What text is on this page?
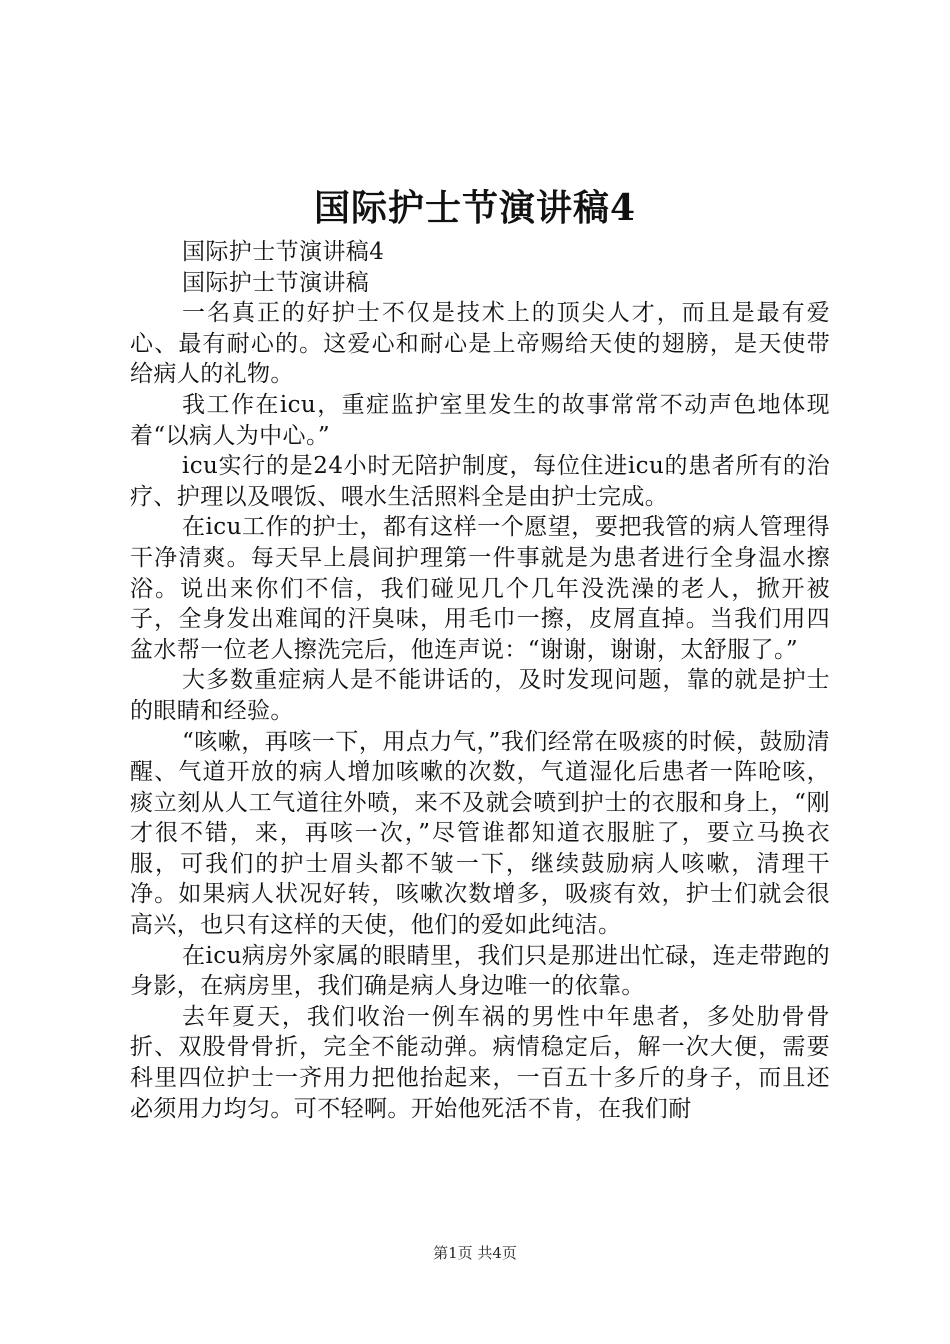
国际护士节演讲稿4

国际护士节演讲稿4

国际护士节演讲稿

一名真正的好护士不仅是技术上的顶尖人才，而且是最有爱心、最有耐心的。这爱心和耐心是上帝赐给天使的翅膀，是天使带给病人的礼物。

我工作在icu，重症监护室里发生的故事常常不动声色地体现着“以病人为中心。”

icu实行的是24小时无陪护制度，每位住进icu的患者所有的治疗、护理以及喂饭、喂水生活照料全是由护士完成。

在icu工作的护士，都有这样一个愿望，要把我管的病人管理得干净清爽。每天早上晨间护理第一件事就是为患者进行全身温水擦浴。说出来你们不信，我们碰见几个几年没洗澡的老人，掀开被子，全身发出难闻的汗臭味，用毛巾一擦，皮屑直掉。当我们用四盆水帮一位老人擦洗完后，他连声说：“谢谢，谢谢，太舒服了。”

大多数重症病人是不能讲话的，及时发现问题，靠的就是护士的眼睛和经验。

“咳嗽，再咳一下，用点力气，”我们经常在吸痰的时候，鼓励清醒、气道开放的病人增加咳嗽的次数，气道湿化后患者一阵呛咳，痰立刻从人工气道往外喷，来不及就会喷到护士的衣服和身上，“刚才很不错，来，再咳一次，”尽管谁都知道衣服脏了，要立马换衣服，可我们的护士眉头都不皱一下，继续鼓励病人咳嗽，清理干净。如果病人状况好转，咳嗽次数增多，吸痰有效，护士们就会很高兴，也只有这样的天使，他们的爱如此纯洁。

在icu病房外家属的眼睛里，我们只是那进出忙碌，连走带跑的身影，在病房里，我们确是病人身边唯一的依靠。

去年夏天，我们收治一例车祸的男性中年患者，多处肋骨骨折、双股骨骨折，完全不能动弹。病情稳定后，解一次大便，需要科里四位护士一齐用力把他抬起来，一百五十多斤的身子，而且还必须用力均匀。可不轻啊。开始他死活不肯，在我们耐

第1页 共4页
